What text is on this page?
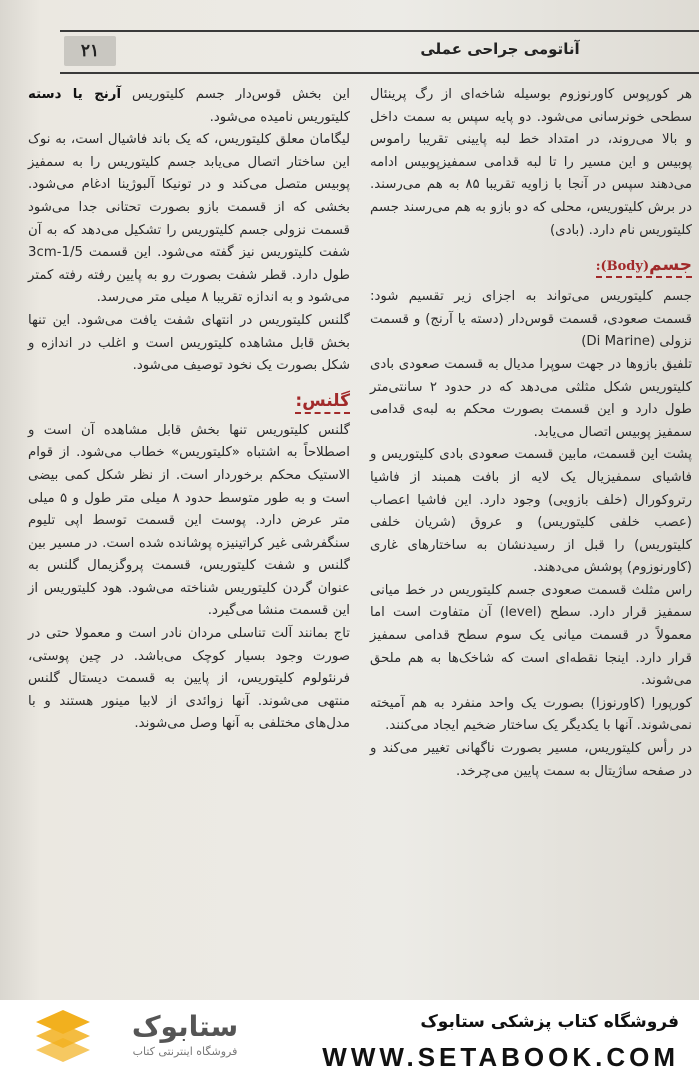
۲۱	آناتومی جراحی عملی

هر کورپوس کاورنوزوم بوسیله شاخه‌ای از رگ پرینئال سطحی خونرسانی می‌شود. دو پایه سپس به سمت داخل و بالا می‌روند، در امتداد خط لبه پایینی تقریبا راموس پوبیس و این مسیر را تا لبه قدامی سمفیزپوبیس ادامه می‌دهند سپس در آنجا با زاویه تقریبا ۸۵ به هم می‌رسند. در برش کلیتوریس، محلی که دو بازو به هم می‌رسند جسم کلیتوریس نام دارد. (بادی)

جسم(Body):

جسم کلیتوریس می‌تواند به اجزای زیر تقسیم شود: قسمت صعودی، قسمت قوس‌دار (دسته یا آرنج) و قسمت نزولی (Di Marine)

تلفیق بازوها در جهت سوپرا مدیال به قسمت صعودی بادی کلیتوریس شکل مثلثی می‌دهد که در حدود ۲ سانتی‌متر طول دارد و این قسمت بصورت محکم به لبه‌ی قدامی سمفیز پوبیس اتصال می‌یابد.

پشت این قسمت، مابین قسمت صعودی بادی کلیتوریس و فاشیای سمفیزیال یک لایه از بافت همبند از فاشیا رتروکورال (خلف بازویی) وجود دارد. این فاشیا اعصاب (عصب خلفی کلیتوریس) و عروق (شریان خلفی کلیتوریس) را قبل از رسیدنشان به ساختارهای غاری (کاورنوزوم) پوشش می‌دهند.

راس مثلث قسمت صعودی جسم کلیتوریس در خط میانی سمفیز قرار دارد. سطح (level) آن متفاوت است اما معمولاً در قسمت میانی یک سوم سطح قدامی سمفیز قرار دارد. اینجا نقطه‌ای است که شاخک‌ها به هم ملحق می‌شوند.

کورپورا (کاورنوزا) بصورت یک واحد منفرد به هم آمیخته نمی‌شوند. آنها با یکدیگر یک ساختار ضخیم ایجاد می‌کنند.

در رأس کلیتوریس، مسیر بصورت ناگهانی تغییر می‌کند و در صفحه ساژیتال به سمت پایین می‌چرخد.

این بخش قوس‌دار جسم کلیتوریس آرنج یا دسته کلیتوریس نامیده می‌شود.

لیگامان معلق کلیتوریس، که یک باند فاشیال است، به نوک این ساختار اتصال می‌یابد جسم کلیتوریس را به سمفیز پوبیس متصل می‌کند و در تونیکا آلبوژینا ادغام می‌شود. بخشی که از قسمت بازو بصورت تحتانی جدا می‌شود قسمت نزولی جسم کلیتوریس را تشکیل می‌دهد که به آن شفت کلیتوریس نیز گفته می‌شود. این قسمت 1/5-3cm طول دارد. قطر شفت بصورت رو به پایین رفته رفته کمتر می‌شود و به اندازه تقریبا ۸ میلی متر می‌رسد.

گلنس کلیتوریس در انتهای شفت یافت می‌شود. این تنها بخش قابل مشاهده کلیتوریس است و اغلب در اندازه و شکل بصورت یک نخود توصیف می‌شود.

گلنس:

گلنس کلیتوریس تنها بخش قابل مشاهده آن است و اصطلاحاً به اشتباه «کلیتوریس» خطاب می‌شود. از قوام الاستیک محکم برخوردار است. از نظر شکل کمی بیضی است و به طور متوسط حدود ۸ میلی متر طول و ۵ میلی متر عرض دارد. پوست این قسمت توسط اپی تلیوم سنگفرشی غیر کراتینیزه پوشانده شده است. در مسیر بین گلنس و شفت کلیتوریس، قسمت پروگزیمال گلنس به عنوان گردن کلیتوریس شناخته می‌شود. هود کلیتوریس از این قسمت منشا می‌گیرد.

تاج بمانند آلت تناسلی مردان نادر است و معمولا حتی در صورت وجود بسیار کوچک می‌باشد. در چین پوستی، فرنئولوم کلیتوریس، از پایین به قسمت دیستال گلنس منتهی می‌شوند. آنها زوائدی از لابیا مینور هستند و با مدل‌های مختلفی به آنها وصل می‌شوند.

ستابوک
فروشگاه اینترنتی کتاب
فروشگاه کتاب پزشکی ستابوک
WWW.SETABOOK.COM
